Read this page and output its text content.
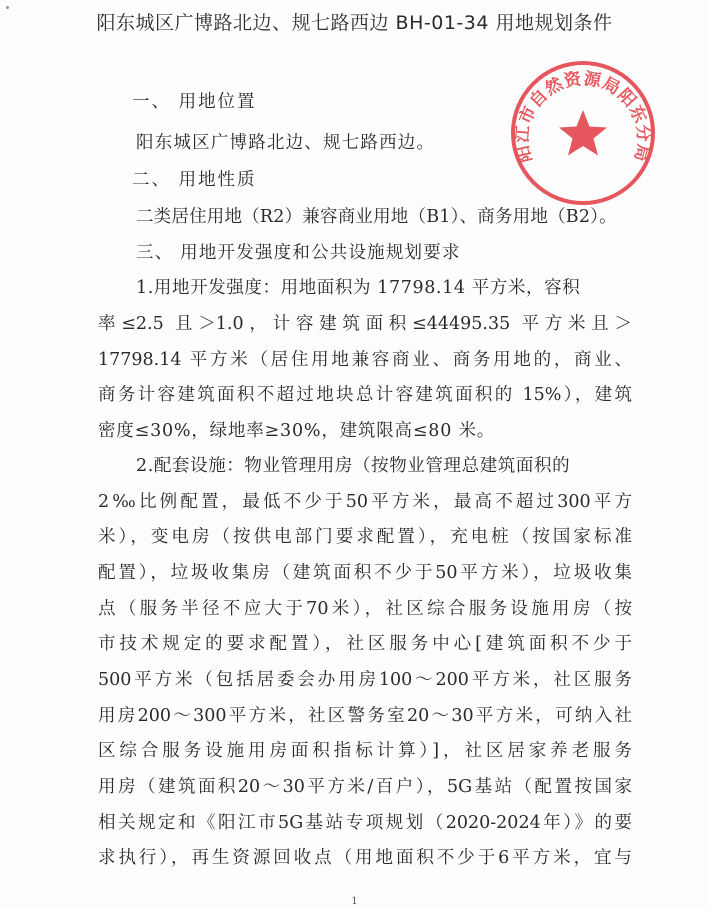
阳东城区广博路北边、规七路西边 BH-01-34 用地规划条件
一、 用地位置
阳东城区广博路北边、规七路西边。
二、 用地性质
二类居住用地（R2）兼容商业用地（B1）、商务用地（B2）。
三、 用地开发强度和公共设施规划要求
1.用地开发强度：用地面积为 17798.14 平方米，容积
率≤2.5 且＞1.0，计容建筑面积≤44495.35 平方米且＞
17798.14 平方米（居住用地兼容商业、商务用地的，商业、
商务计容建筑面积不超过地块总计容建筑面积的 15%），建筑
密度≤30%，绿地率≥30%，建筑限高≤80 米。
2.配套设施：物业管理用房（按物业管理总建筑面积的
2‰比例配置，最低不少于50平方米，最高不超过300平方
米），变电房（按供电部门要求配置），充电桩（按国家标准
配置），垃圾收集房（建筑面积不少于50平方米），垃圾收集
点（服务半径不应大于70米），社区综合服务设施用房（按
市技术规定的要求配置），社区服务中心[建筑面积不少于
500平方米（包括居委会办用房100～200平方米，社区服务
用房200～300平方米，社区警务室20～30平方米，可纳入社
区综合服务设施用房面积指标计算）]，社区居家养老服务
用房（建筑面积20～30平方米/百户），5G基站（配置按国家
相关规定和《阳江市5G基站专项规划（2020-2024年）》的要
求执行），再生资源回收点（用地面积不少于6平方米，宜与
阳江市自然资源局阳东分局
1
